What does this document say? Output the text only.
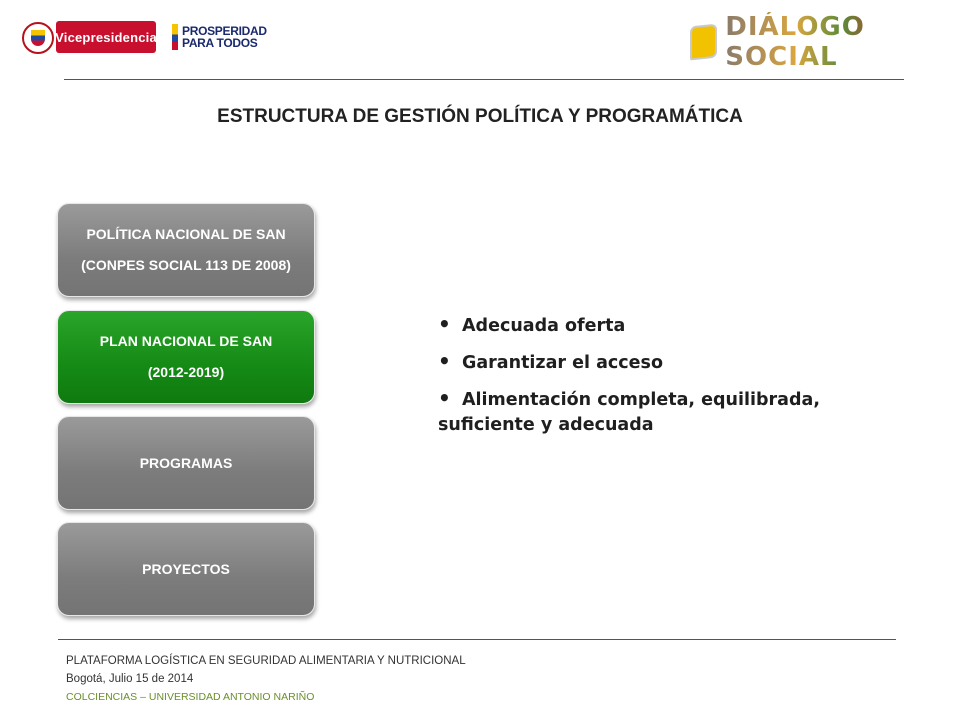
Vicepresidencia PROSPERIDAD
PARA TODOS
DIÁLOGO SOCIAL
ESTRUCTURA DE GESTIÓN POLÍTICA Y PROGRAMÁTICA
POLÍTICA NACIONAL DE SAN
(CONPES SOCIAL 113 DE 2008)
PLAN NACIONAL DE SAN
(2012-2019)
PROGRAMAS
PROYECTOS
• Adecuada oferta
• Garantizar el acceso
• Alimentación completa, equilibrada, suficiente y adecuada
PLATAFORMA LOGÍSTICA EN SEGURIDAD ALIMENTARIA Y NUTRICIONAL
Bogotá, Julio 15 de 2014
COLCIENCIAS – UNIVERSIDAD ANTONIO NARIÑO
